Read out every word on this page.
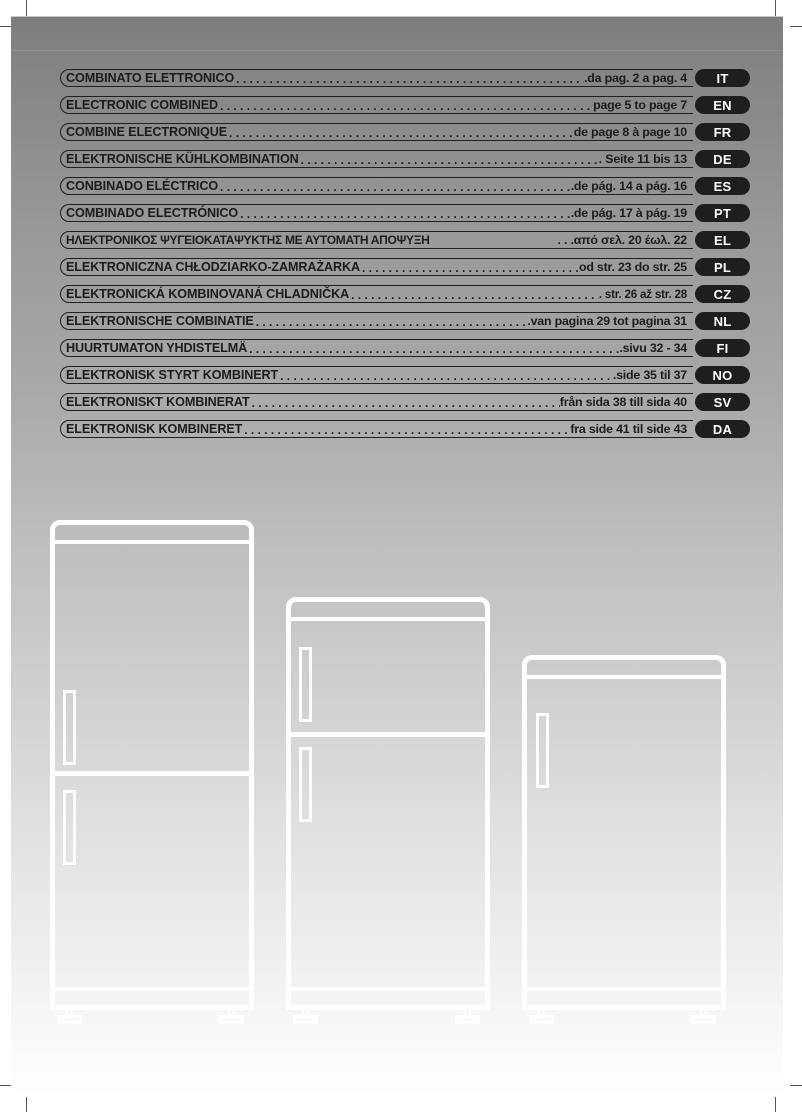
COMBINATO ELETTRONICO . . .	.da pag. 2 a pag. 4	IT
ELECTRONIC COMBINED . . .	page 5 to page 7	EN
COMBINE ELECTRONIQUE . . .	de page 8 à page 10	FR
ELEKTRONISCHE KÜHLKOMBINATION . . .	. Seite 11 bis 13	DE
CONBINADO ELÉCTRICO . . .	.de pág. 14 a pág. 16	ES
COMBINADO ELECTRÓNICO . . .	.de pág. 17 à pág. 19	PT
ΗΛΕΚΤΡΟΝΙΚΟΣ ΨΥΓΕΙΟΚΑΤΑΨΥΚΤΗΣ ΜΕ ΑΥΤΟΜΑΤΗ ΑΠΟΨΥΞΗ	. . .από σελ. 20 έωλ. 22	EL
ELEKTRONICZNA CHŁODZIARKO-ZAMRAŻARKA . . .	od str. 23 do str. 25	PL
ELEKTRONICKÁ KOMBINOVANÁ CHLADNIČKA . . .	. str. 26 až str. 28	CZ
ELEKTRONISCHE COMBINATIE . . .	.van pagina 29 tot pagina 31	NL
HUURTUMATON YHDISTELMÄ . . .	.sivu 32 - 34	FI
ELEKTRONISK STYRT KOMBINERT . . .	.side 35 til 37	NO
ELEKTRONISKT KOMBINERAT . . .	från sida 38 till sida 40	SV
ELEKTRONISK KOMBINERET . . .	fra side 41 til side 43	DA
